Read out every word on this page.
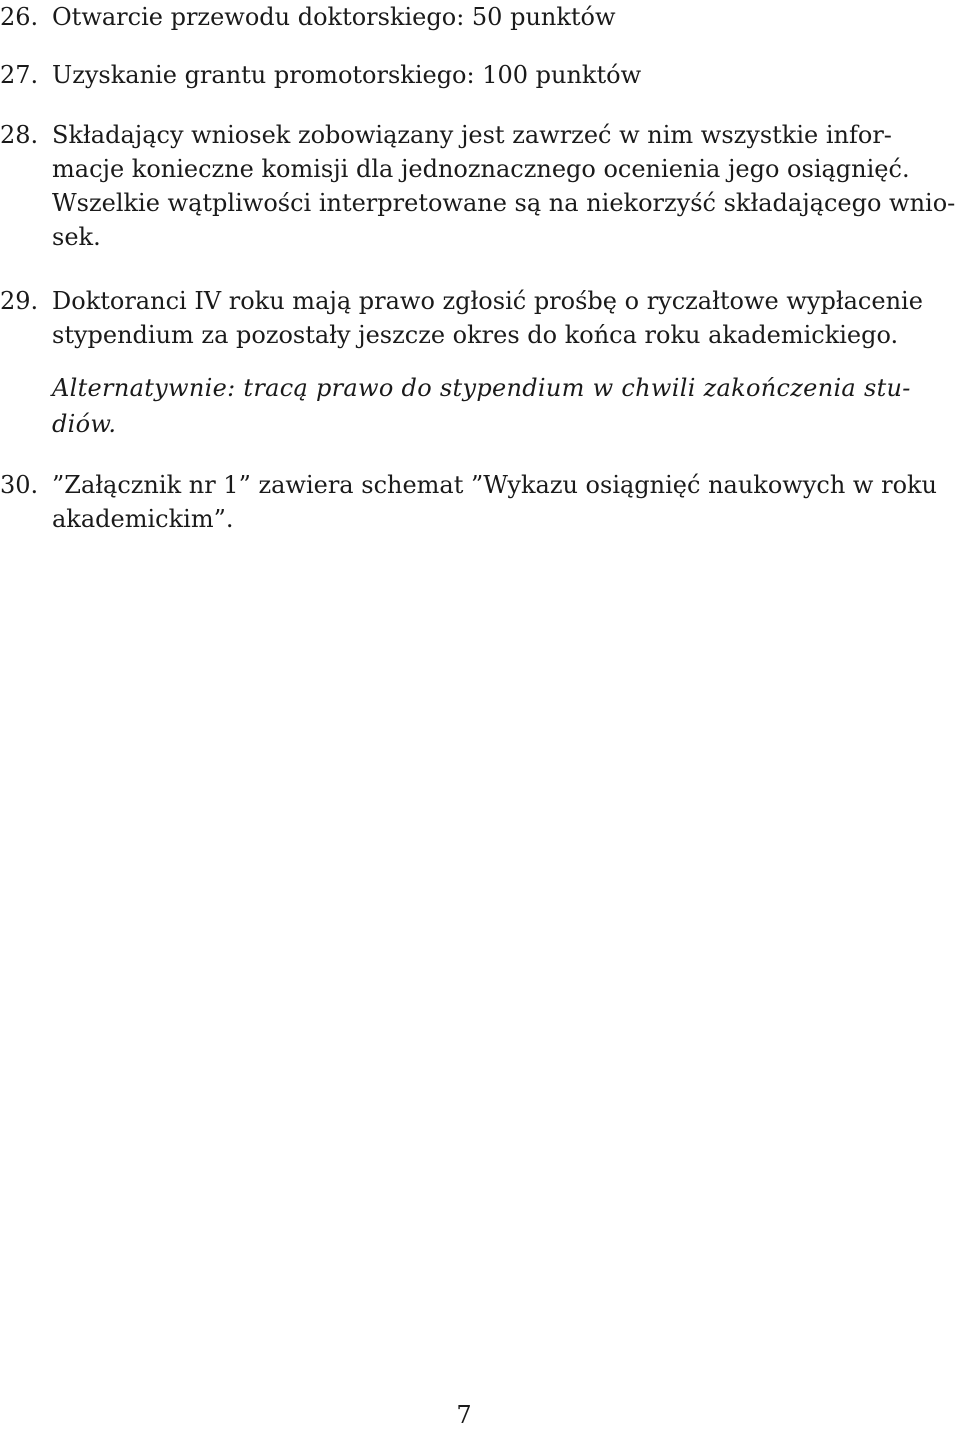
26. Otwarcie przewodu doktorskiego: 50 punktów
27. Uzyskanie grantu promotorskiego: 100 punktów
28. Składający wniosek zobowiązany jest zawrzeć w nim wszystkie infor-
macje konieczne komisji dla jednoznacznego ocenienia jego osiągnięć.
Wszelkie wątpliwości interpretowane są na niekorzyść składającego wnio-
sek.
29. Doktoranci IV roku mają prawo zgłosić prośbę o ryczałtowe wypłacenie
stypendium za pozostały jeszcze okres do końca roku akademickiego.
Alternatywnie: tracą prawo do stypendium w chwili zakończenia stu-
diów.
30. ”Załącznik nr 1” zawiera schemat ”Wykazu osiągnięć naukowych w roku
akademickim”.
7
